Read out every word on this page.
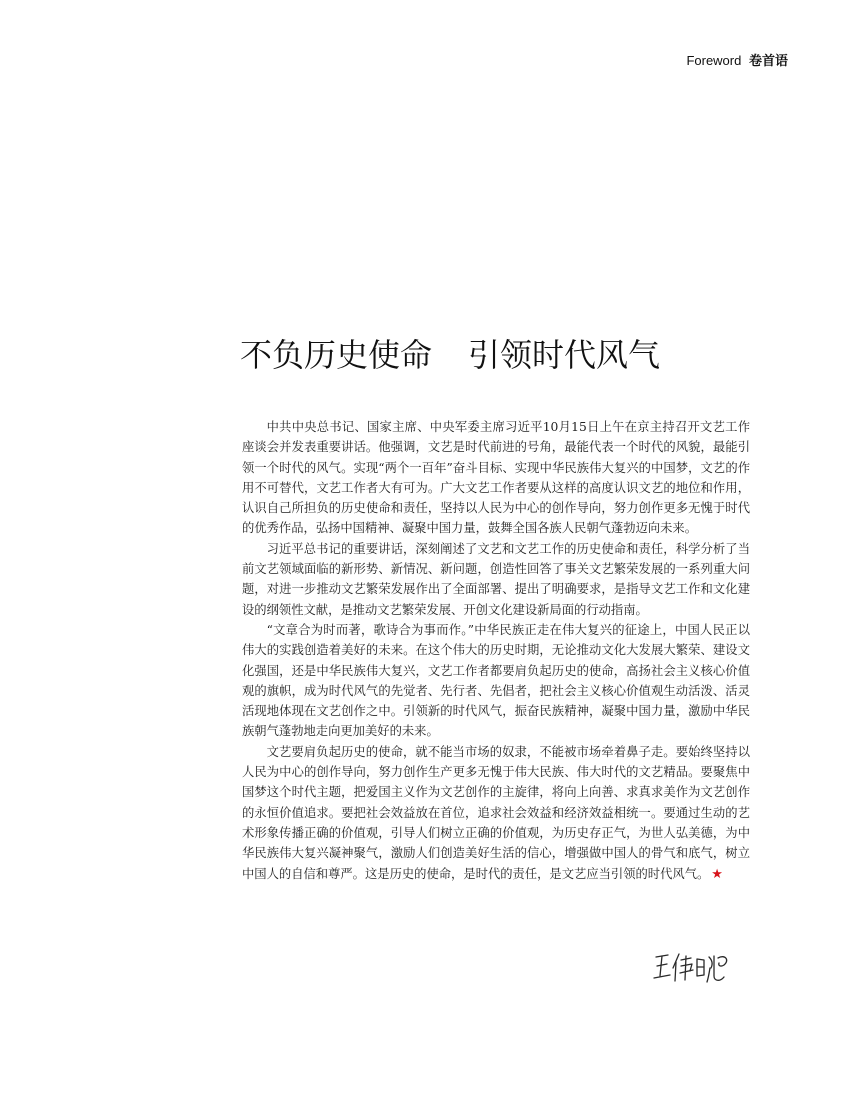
Foreword 卷首语
不负历史使命 引领时代风气

中共中央总书记、国家主席、中央军委主席习近平10月15日上午在京主持召开文艺工作座谈会并发表重要讲话。他强调，文艺是时代前进的号角，最能代表一个时代的风貌，最能引领一个时代的风气。实现“两个一百年”奋斗目标、实现中华民族伟大复兴的中国梦，文艺的作用不可替代，文艺工作者大有可为。广大文艺工作者要从这样的高度认识文艺的地位和作用，认识自己所担负的历史使命和责任，坚持以人民为中心的创作导向，努力创作更多无愧于时代的优秀作品，弘扬中国精神、凝聚中国力量，鼓舞全国各族人民朝气蓬勃迈向未来。

习近平总书记的重要讲话，深刻阐述了文艺和文艺工作的历史使命和责任，科学分析了当前文艺领域面临的新形势、新情况、新问题，创造性回答了事关文艺繁荣发展的一系列重大问题，对进一步推动文艺繁荣发展作出了全面部署、提出了明确要求，是指导文艺工作和文化建设的纲领性文献，是推动文艺繁荣发展、开创文化建设新局面的行动指南。

“文章合为时而著，歌诗合为事而作。”中华民族正走在伟大复兴的征途上，中国人民正以伟大的实践创造着美好的未来。在这个伟大的历史时期，无论推动文化大发展大繁荣、建设文化强国，还是中华民族伟大复兴，文艺工作者都要肩负起历史的使命，高扬社会主义核心价值观的旗帜，成为时代风气的先觉者、先行者、先倡者，把社会主义核心价值观生动活泼、活灵活现地体现在文艺创作之中。引领新的时代风气，振奋民族精神，凝聚中国力量，激励中华民族朝气蓬勃地走向更加美好的未来。

文艺要肩负起历史的使命，就不能当市场的奴隶，不能被市场牵着鼻子走。要始终坚持以人民为中心的创作导向，努力创作生产更多无愧于伟大民族、伟大时代的文艺精品。要聚焦中国梦这个时代主题，把爱国主义作为文艺创作的主旋律，将向上向善、求真求美作为文艺创作的永恒价值追求。要把社会效益放在首位，追求社会效益和经济效益相统一。要通过生动的艺术形象传播正确的价值观，引导人们树立正确的价值观，为历史存正气，为世人弘美德，为中华民族伟大复兴凝神聚气，激励人们创造美好生活的信心，增强做中国人的骨气和底气，树立中国人的自信和尊严。这是历史的使命，是时代的责任，是文艺应当引领的时代风气。 ★
